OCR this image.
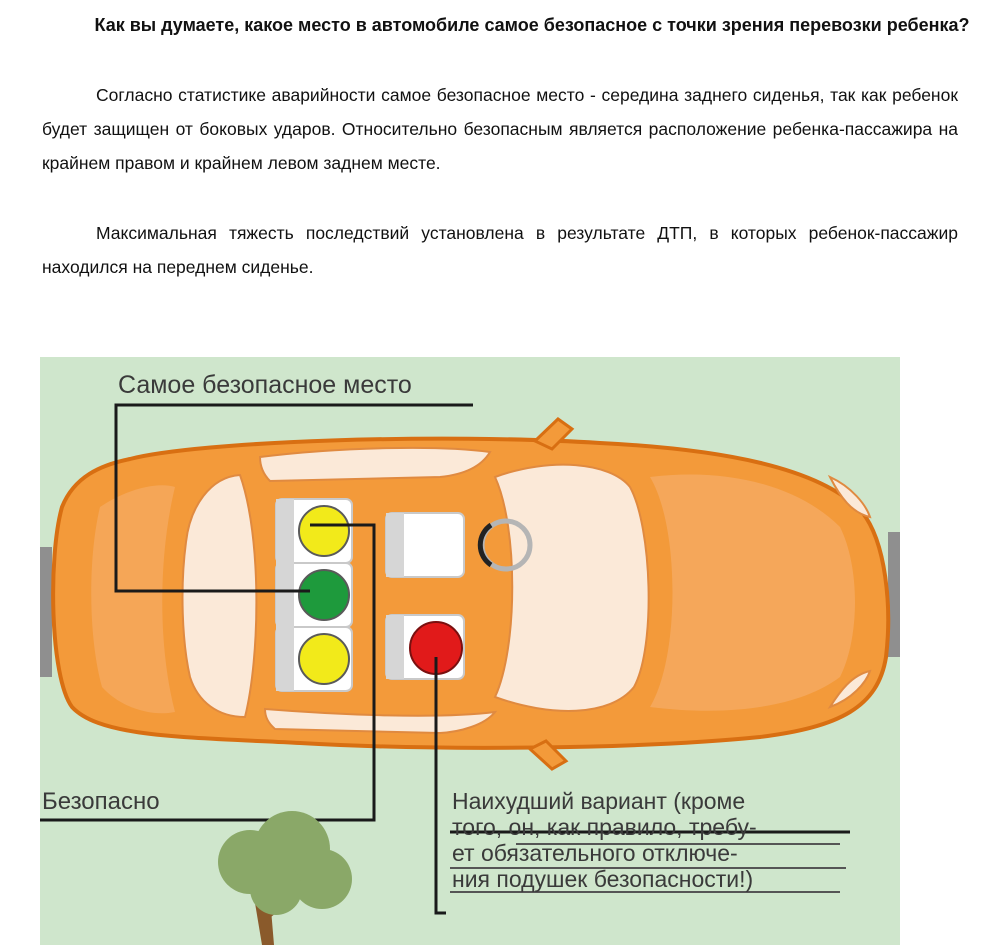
Как вы думаете, какое место в автомобиле самое безопасное с точки зрения перевозки ребенка?
Согласно статистике аварийности самое безопасное место - середина заднего сиденья, так как ребенок будет защищен от боковых ударов. Относительно безопасным является расположение ребенка-пассажира на крайнем правом и крайнем левом заднем месте.
Максимальная тяжесть последствий установлена в результате ДТП, в которых ребенок-пассажир находился на переднем сиденье.
Самое безопасное место
Безопасно	Наихудший вариант (кроме
того, он, как правило, требу-
ет обязательного отключе-
ния подушек безопасности!)
